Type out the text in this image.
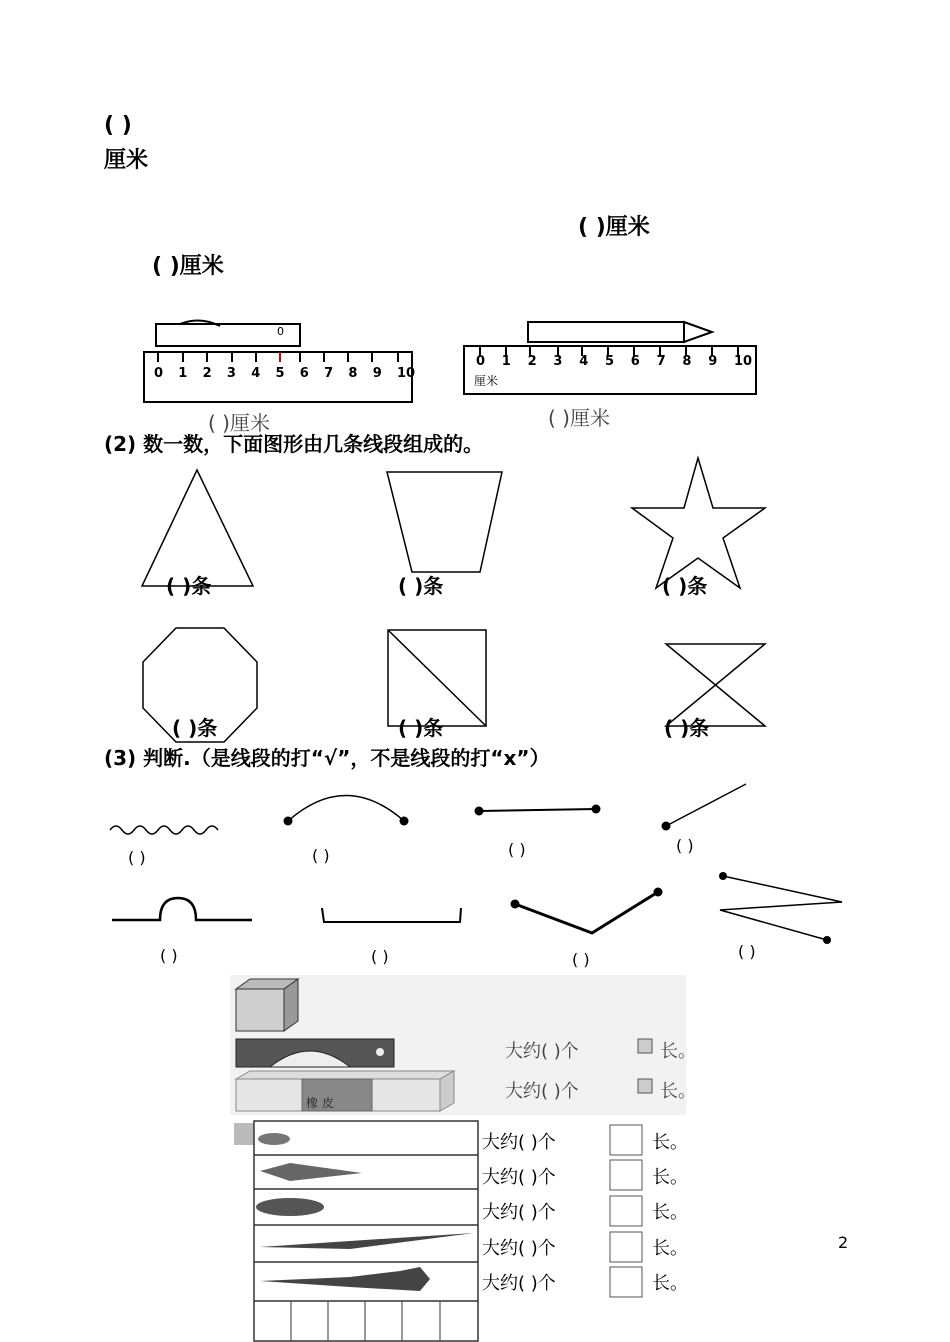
( )
厘米
( )厘米
( )厘米
0
0 1 2 3 4 5 6 7 8 9 10
( )厘米
0 1 2 3 4 5 6 7 8 9 10
厘米
( )厘米
(2) 数一数，下面图形由几条线段组成的。
( )条	( )条	( )条
( )条	( )条	( )条
(3) 判断.（是线段的打“√”，不是线段的打“x”）
( )	( )	( )	( )
( )	( )	( )	( )
橡 皮
大约( )个	长。
大约( )个	长。
大约( )个	长。
大约( )个	长。
大约( )个	长。
大约( )个	长。
大约( )个	长。
2
